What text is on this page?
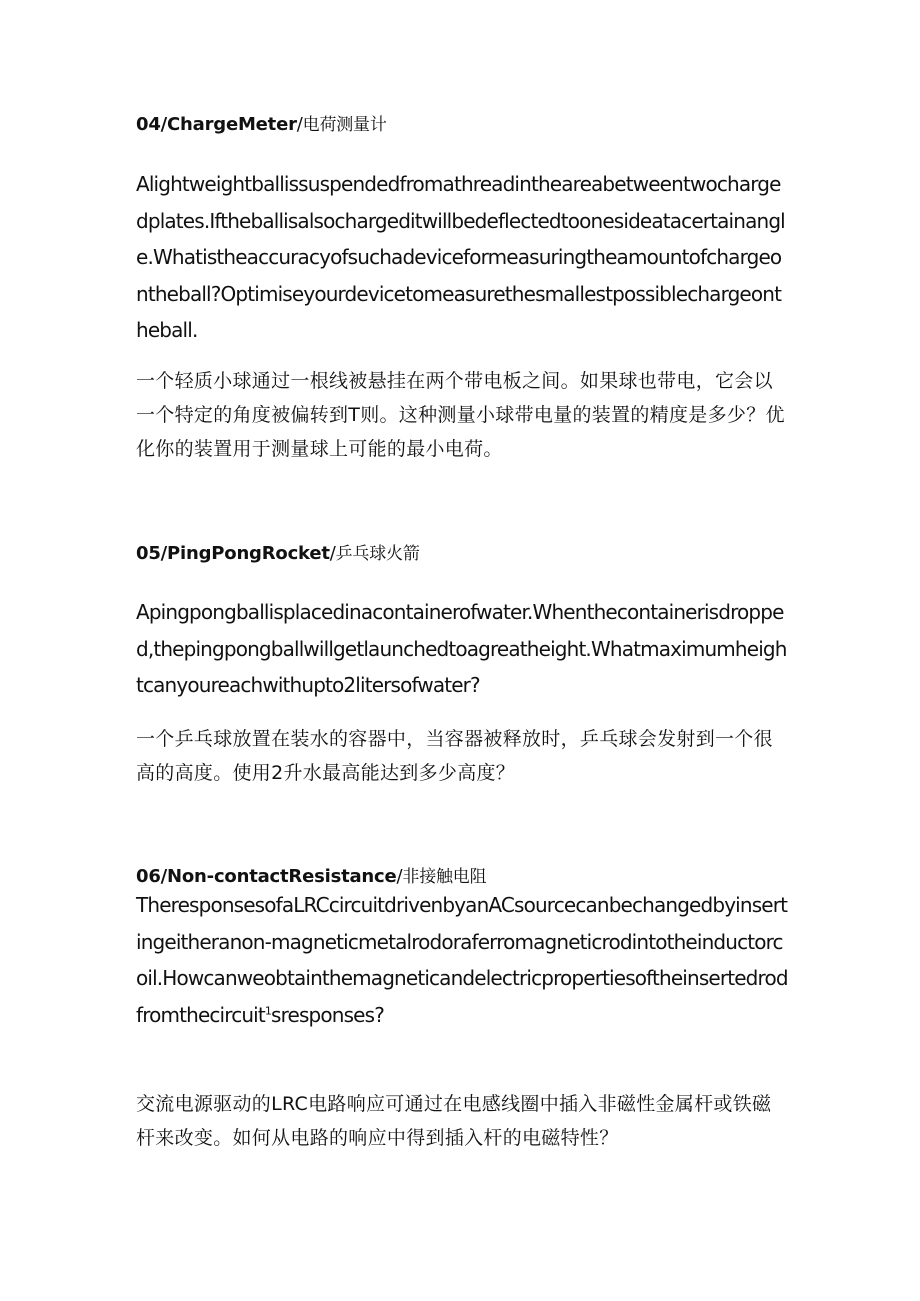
04/ChargeMeter/电荷测量计
Alightweightballissuspendedfromathreadintheareabetweentwochargedplates.Iftheballisalsochargeditwillbedeflectedtoonesideatacertainangle.Whatistheaccuracyofsuchadeviceformeasuringtheamountofchargeontheball?Optimiseyourdevicetomeasurethesmallestpossiblechargeontheball.
一个轻质小球通过一根线被悬挂在两个带电板之间。如果球也带电，它会以一个特定的角度被偏转到T则。这种测量小球带电量的装置的精度是多少？优化你的装置用于测量球上可能的最小电荷。
05/PingPongRocket/乒乓球火箭
Apingpongballisplacedinacontainerofwater.Whenthecontainerisdropped,thepingpongballwillgetlaunchedtoagreatheight.Whatmaximumheightcanyoureachwithupto2litersofwater?
一个乒乓球放置在装水的容器中，当容器被释放时，乒乓球会发射到一个很高的高度。使用2升水最高能达到多少高度？
06/Non-contactResistance/非接触电阻
TheresponsesofaLRCcircuitdrivenbyanACsourcecanbechangedbyinsertingeitheranon-magneticmetalrodoraferromagneticrodintotheinductorcoil.Howcanweobtainthemagneticandelectricpropertiesoftheinsertedrodfromthecircuit$^1$sresponses?
交流电源驱动的LRC电路响应可通过在电感线圈中插入非磁性金属杆或铁磁杆来改变。如何从电路的响应中得到插入杆的电磁特性？
